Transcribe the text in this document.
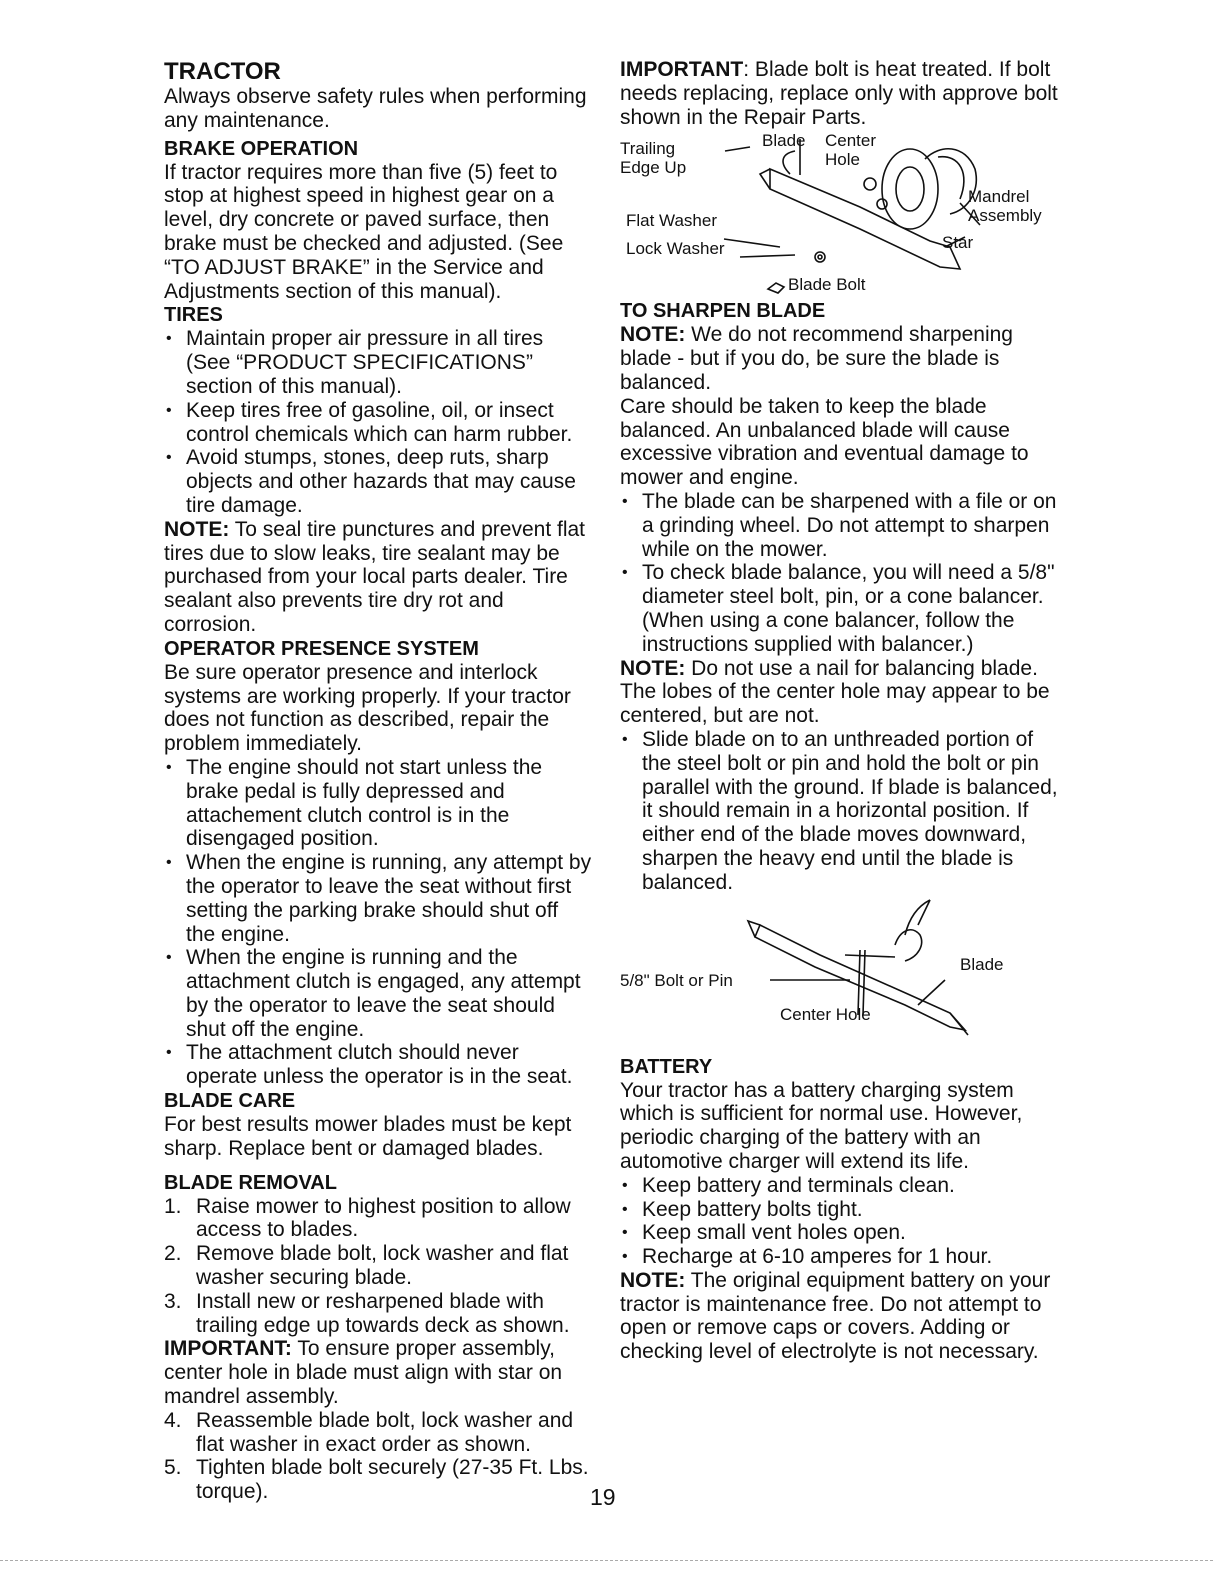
TRACTOR

Always observe safety rules when performing any maintenance.

BRAKE OPERATION

If tractor requires more than five (5) feet to stop at highest speed in highest gear on a level, dry concrete or paved surface, then brake must be checked and adjusted. (See “TO ADJUST BRAKE” in the Service and Adjustments section of this manual).

TIRES
• Maintain proper air pressure in all tires (See “PRODUCT SPECIFICATIONS” section of this manual).
• Keep tires free of gasoline, oil, or insect control chemicals which can harm rubber.
• Avoid stumps, stones, deep ruts, sharp objects and other hazards that may cause tire damage.

NOTE: To seal tire punctures and prevent flat tires due to slow leaks, tire sealant may be purchased from your local parts dealer. Tire sealant also prevents tire dry rot and corrosion.

OPERATOR PRESENCE SYSTEM

Be sure operator presence and interlock systems are working properly. If your tractor does not function as described, repair the problem immediately.

• The engine should not start unless the brake pedal is fully depressed and attachement clutch control is in the disengaged position.
• When the engine is running, any attempt by the operator to leave the seat without first setting the parking brake should shut off the engine.
• When the engine is running and the attachment clutch is engaged, any attempt by the operator to leave the seat should shut off the engine.
• The attachment clutch should never operate unless the operator is in the seat.
BLADE CARE

For best results mower blades must be kept sharp. Replace bent or damaged blades.

BLADE REMOVAL
1. Raise mower to highest position to allow access to blades.
2. Remove blade bolt, lock washer and flat washer securing blade.
3. Install new or resharpened blade with trailing edge up towards deck as shown.

IMPORTANT: To ensure proper assembly, center hole in blade must align with star on mandrel assembly.

4. Reassemble blade bolt, lock washer and flat washer in exact order as shown.
5. Tighten blade bolt securely (27-35 Ft. Lbs. torque).

IMPORTANT: Blade bolt is heat treated. If bolt needs replacing, replace only with approve bolt shown in the Repair Parts.

Trailing Edge Up
Blade Center Hole
Mandrel Assembly
Flat Washer
Lock Washer	Star
Blade Bolt
TO SHARPEN BLADE

NOTE: We do not recommend sharpening blade - but if you do, be sure the blade is balanced.

Care should be taken to keep the blade balanced. An unbalanced blade will cause excessive vibration and eventual damage to mower and engine.

• The blade can be sharpened with a file or on a grinding wheel. Do not attempt to sharpen while on the mower.
• To check blade balance, you will need a 5/8" diameter steel bolt, pin, or a cone balancer. (When using a cone balancer, follow the instructions supplied with balancer.)

NOTE: Do not use a nail for balancing blade. The lobes of the center hole may appear to be centered, but are not.

• Slide blade on to an unthreaded portion of the steel bolt or pin and hold the bolt or pin parallel with the ground. If blade is balanced, it should remain in a horizontal position. If either end of the blade moves downward, sharpen the heavy end until the blade is balanced.
5/8" Bolt or Pin
Blade
Center Hole
BATTERY

Your tractor has a battery charging system which is sufficient for normal use. However, periodic charging of the battery with an automotive charger will extend its life.

• Keep battery and terminals clean.
• Keep battery bolts tight.
• Keep small vent holes open.
• Recharge at 6-10 amperes for 1 hour.

NOTE: The original equipment battery on your tractor is maintenance free. Do not attempt to open or remove caps or covers. Adding or checking level of electrolyte is not necessary.

19
